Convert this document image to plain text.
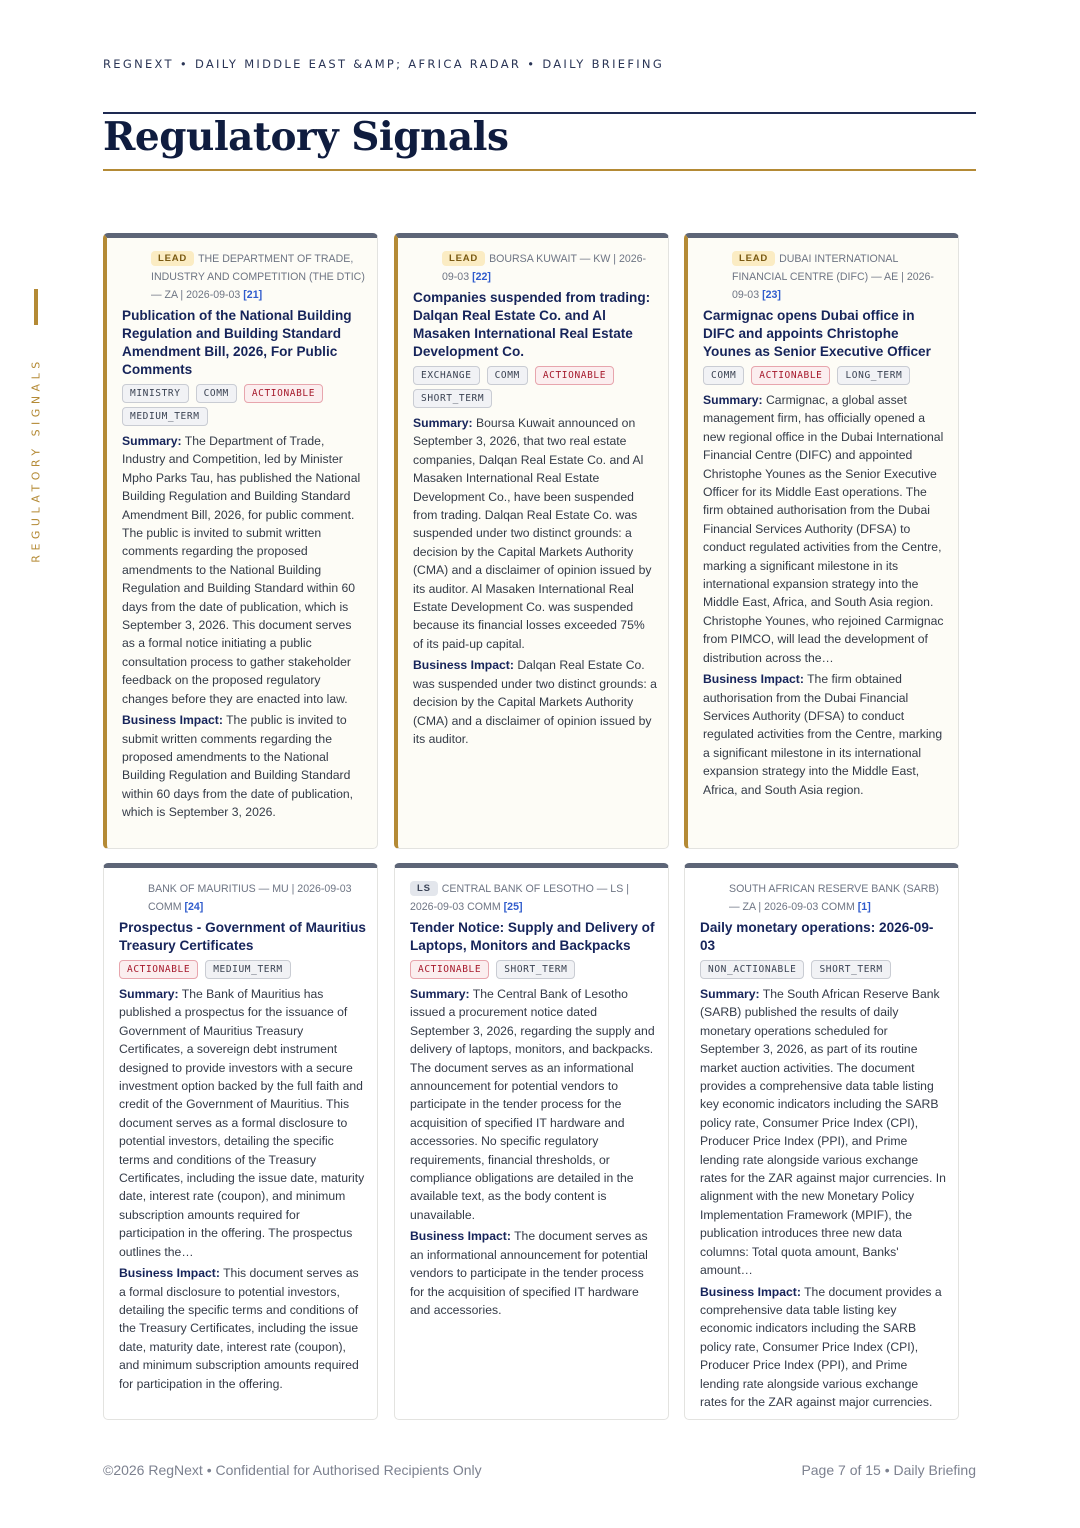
REGNEXT • DAILY MIDDLE EAST &AMP; AFRICA RADAR • DAILY BRIEFING
Regulatory Signals
REGULATORY SIGNALS
LEAD THE DEPARTMENT OF TRADE, INDUSTRY AND COMPETITION (THE DTIC) — ZA | 2026-09-03 [21]
Publication of the National Building Regulation and Building Standard Amendment Bill, 2026, For Public Comments
MINISTRY	COMM	ACTIONABLE
MEDIUM_TERM

Summary: The Department of Trade, Industry and Competition, led by Minister Mpho Parks Tau, has published the National Building Regulation and Building Standard Amendment Bill, 2026, for public comment. The public is invited to submit written comments regarding the proposed amendments to the National Building Regulation and Building Standard within 60 days from the date of publication, which is September 3, 2026. This document serves as a formal notice initiating a public consultation process to gather stakeholder feedback on the proposed regulatory changes before they are enacted into law.

Business Impact: The public is invited to submit written comments regarding the proposed amendments to the National Building Regulation and Building Standard within 60 days from the date of publication, which is September 3, 2026.

LEAD BOURSA KUWAIT — KW | 2026-09-03 [22]
Companies suspended from trading: Dalqan Real Estate Co. and Al Masaken International Real Estate Development Co.
EXCHANGE	COMM	ACTIONABLE
SHORT_TERM

Summary: Boursa Kuwait announced on September 3, 2026, that two real estate companies, Dalqan Real Estate Co. and Al Masaken International Real Estate Development Co., have been suspended from trading. Dalqan Real Estate Co. was suspended under two distinct grounds: a decision by the Capital Markets Authority (CMA) and a disclaimer of opinion issued by its auditor. Al Masaken International Real Estate Development Co. was suspended because its financial losses exceeded 75% of its paid-up capital.

Business Impact: Dalqan Real Estate Co. was suspended under two distinct grounds: a decision by the Capital Markets Authority (CMA) and a disclaimer of opinion issued by its auditor.

LEAD DUBAI INTERNATIONAL FINANCIAL CENTRE (DIFC) — AE | 2026-09-03 [23]
Carmignac opens Dubai office in DIFC and appoints Christophe Younes as Senior Executive Officer
COMM	ACTIONABLE	LONG_TERM

Summary: Carmignac, a global asset management firm, has officially opened a new regional office in the Dubai International Financial Centre (DIFC) and appointed Christophe Younes as the Senior Executive Officer for its Middle East operations. The firm obtained authorisation from the Dubai Financial Services Authority (DFSA) to conduct regulated activities from the Centre, marking a significant milestone in its international expansion strategy into the Middle East, Africa, and South Asia region. Christophe Younes, who rejoined Carmignac from PIMCO, will lead the development of distribution across the…

Business Impact: The firm obtained authorisation from the Dubai Financial Services Authority (DFSA) to conduct regulated activities from the Centre, marking a significant milestone in its international expansion strategy into the Middle East, Africa, and South Asia region.

BANK OF MAURITIUS — MU | 2026-09-03 COMM [24]
Prospectus - Government of Mauritius Treasury Certificates
ACTIONABLE	MEDIUM_TERM

Summary: The Bank of Mauritius has published a prospectus for the issuance of Government of Mauritius Treasury Certificates, a sovereign debt instrument designed to provide investors with a secure investment option backed by the full faith and credit of the Government of Mauritius. This document serves as a formal disclosure to potential investors, detailing the specific terms and conditions of the Treasury Certificates, including the issue date, maturity date, interest rate (coupon), and minimum subscription amounts required for participation in the offering. The prospectus outlines the…

Business Impact: This document serves as a formal disclosure to potential investors, detailing the specific terms and conditions of the Treasury Certificates, including the issue date, maturity date, interest rate (coupon), and minimum subscription amounts required for participation in the offering.

LS CENTRAL BANK OF LESOTHO — LS | 2026-09-03 COMM [25]
Tender Notice: Supply and Delivery of Laptops, Monitors and Backpacks
ACTIONABLE	SHORT_TERM

Summary: The Central Bank of Lesotho issued a procurement notice dated September 3, 2026, regarding the supply and delivery of laptops, monitors, and backpacks. The document serves as an informational announcement for potential vendors to participate in the tender process for the acquisition of specified IT hardware and accessories. No specific regulatory requirements, financial thresholds, or compliance obligations are detailed in the available text, as the body content is unavailable.

Business Impact: The document serves as an informational announcement for potential vendors to participate in the tender process for the acquisition of specified IT hardware and accessories.

SOUTH AFRICAN RESERVE BANK (SARB) — ZA | 2026-09-03 COMM [1]
Daily monetary operations: 2026-09-03
NON_ACTIONABLE	SHORT_TERM

Summary: The South African Reserve Bank (SARB) published the results of daily monetary operations scheduled for September 3, 2026, as part of its routine market auction activities. The document provides a comprehensive data table listing key economic indicators including the SARB policy rate, Consumer Price Index (CPI), Producer Price Index (PPI), and Prime lending rate alongside various exchange rates for the ZAR against major currencies. In alignment with the new Monetary Policy Implementation Framework (MPIF), the publication introduces three new data columns: Total quota amount, Banks' amount…

Business Impact: The document provides a comprehensive data table listing key economic indicators including the SARB policy rate, Consumer Price Index (CPI), Producer Price Index (PPI), and Prime lending rate alongside various exchange rates for the ZAR against major currencies.

©2026 RegNext • Confidential for Authorised Recipients Only	Page 7 of 15 • Daily Briefing
